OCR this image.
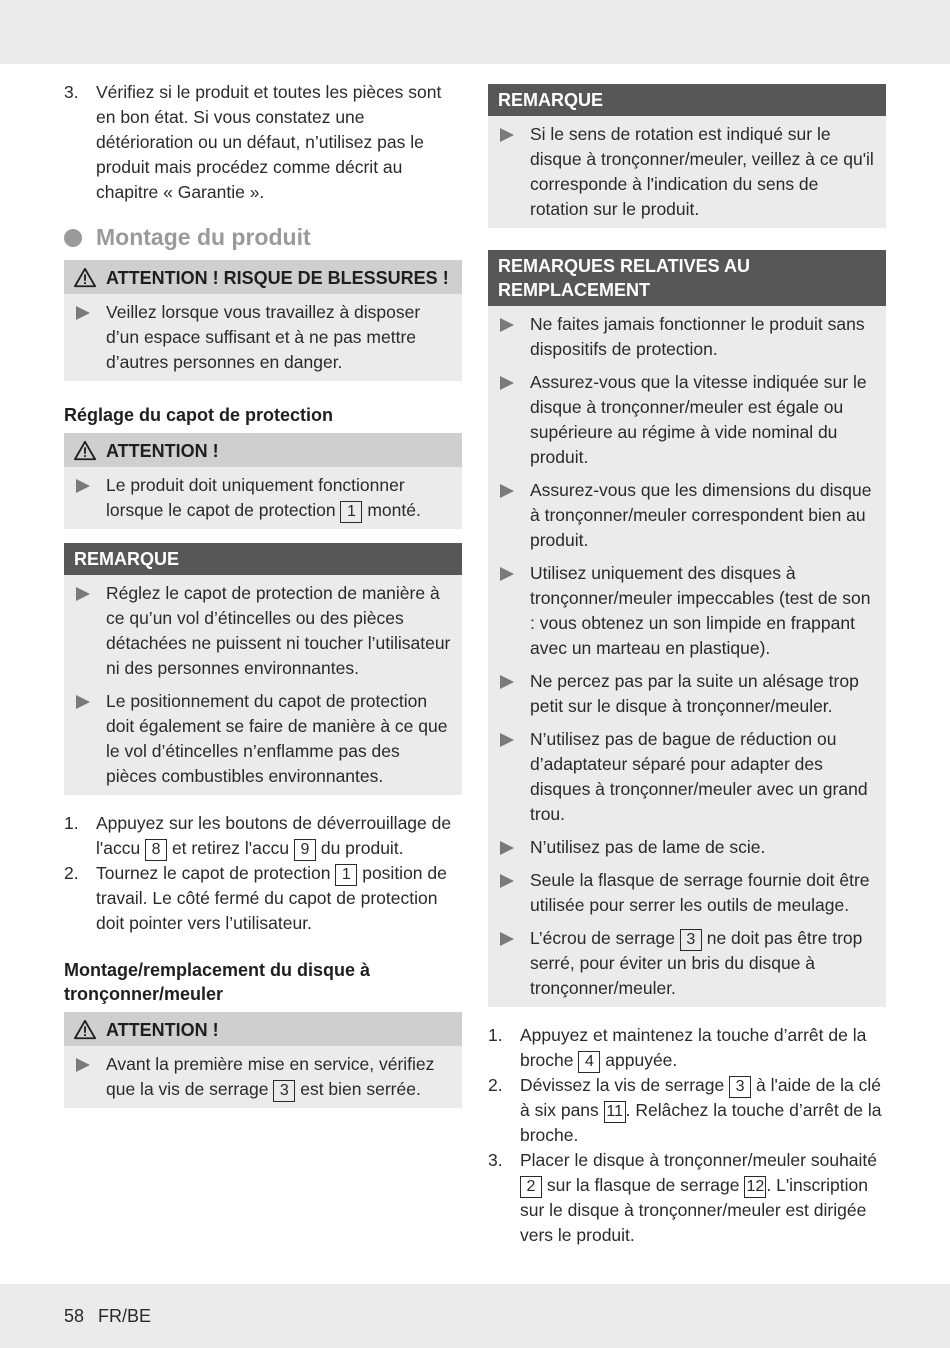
3. Vérifiez si le produit et toutes les pièces sont en bon état. Si vous constatez une détérioration ou un défaut, n’utilisez pas le produit mais procédez comme décrit au chapitre « Garantie ».
Montage du produit
ATTENTION ! RISQUE DE BLESSURES !
Veillez lorsque vous travaillez à disposer d’un espace suffisant et à ne pas mettre d’autres personnes en danger.
Réglage du capot de protection
ATTENTION !
Le produit doit uniquement fonctionner lorsque le capot de protection 1 monté.
REMARQUE
Réglez le capot de protection de manière à ce qu’un vol d’étincelles ou des pièces détachées ne puissent ni toucher l’utilisateur ni des personnes environnantes.
Le positionnement du capot de protection doit également se faire de manière à ce que le vol d’étincelles n’enflamme pas des pièces combustibles environnantes.
1. Appuyez sur les boutons de déverrouillage de l'accu 8 et retirez l'accu 9 du produit.
2. Tournez le capot de protection 1 position de travail. Le côté fermé du capot de protection doit pointer vers l’utilisateur.
Montage/remplacement du disque à tronçonner/meuler
ATTENTION !
Avant la première mise en service, vérifiez que la vis de serrage 3 est bien serrée.
REMARQUE
Si le sens de rotation est indiqué sur le disque à tronçonner/meuler, veillez à ce qu'il corresponde à l'indication du sens de rotation sur le produit.
REMARQUES RELATIVES AU REMPLACEMENT
Ne faites jamais fonctionner le produit sans dispositifs de protection.
Assurez-vous que la vitesse indiquée sur le disque à tronçonner/meuler est égale ou supérieure au régime à vide nominal du produit.
Assurez-vous que les dimensions du disque à tronçonner/meuler correspondent bien au produit.
Utilisez uniquement des disques à tronçonner/meuler impeccables (test de son : vous obtenez un son limpide en frappant avec un marteau en plastique).
Ne percez pas par la suite un alésage trop petit sur le disque à tronçonner/meuler.
N’utilisez pas de bague de réduction ou d’adaptateur séparé pour adapter des disques à tronçonner/meuler avec un grand trou.
N’utilisez pas de lame de scie.
Seule la flasque de serrage fournie doit être utilisée pour serrer les outils de meulage.
L’écrou de serrage 3 ne doit pas être trop serré, pour éviter un bris du disque à tronçonner/meuler.
1. Appuyez et maintenez la touche d’arrêt de la broche 4 appuyée.
2. Dévissez la vis de serrage 3 à l'aide de la clé à six pans 11 . Relâchez la touche d’arrêt de la broche.
3. Placer le disque à tronçonner/meuler souhaité 2 sur la flasque de serrage 12 . L'inscription sur le disque à tronçonner/meuler est dirigée vers le produit.
58 FR/BE
